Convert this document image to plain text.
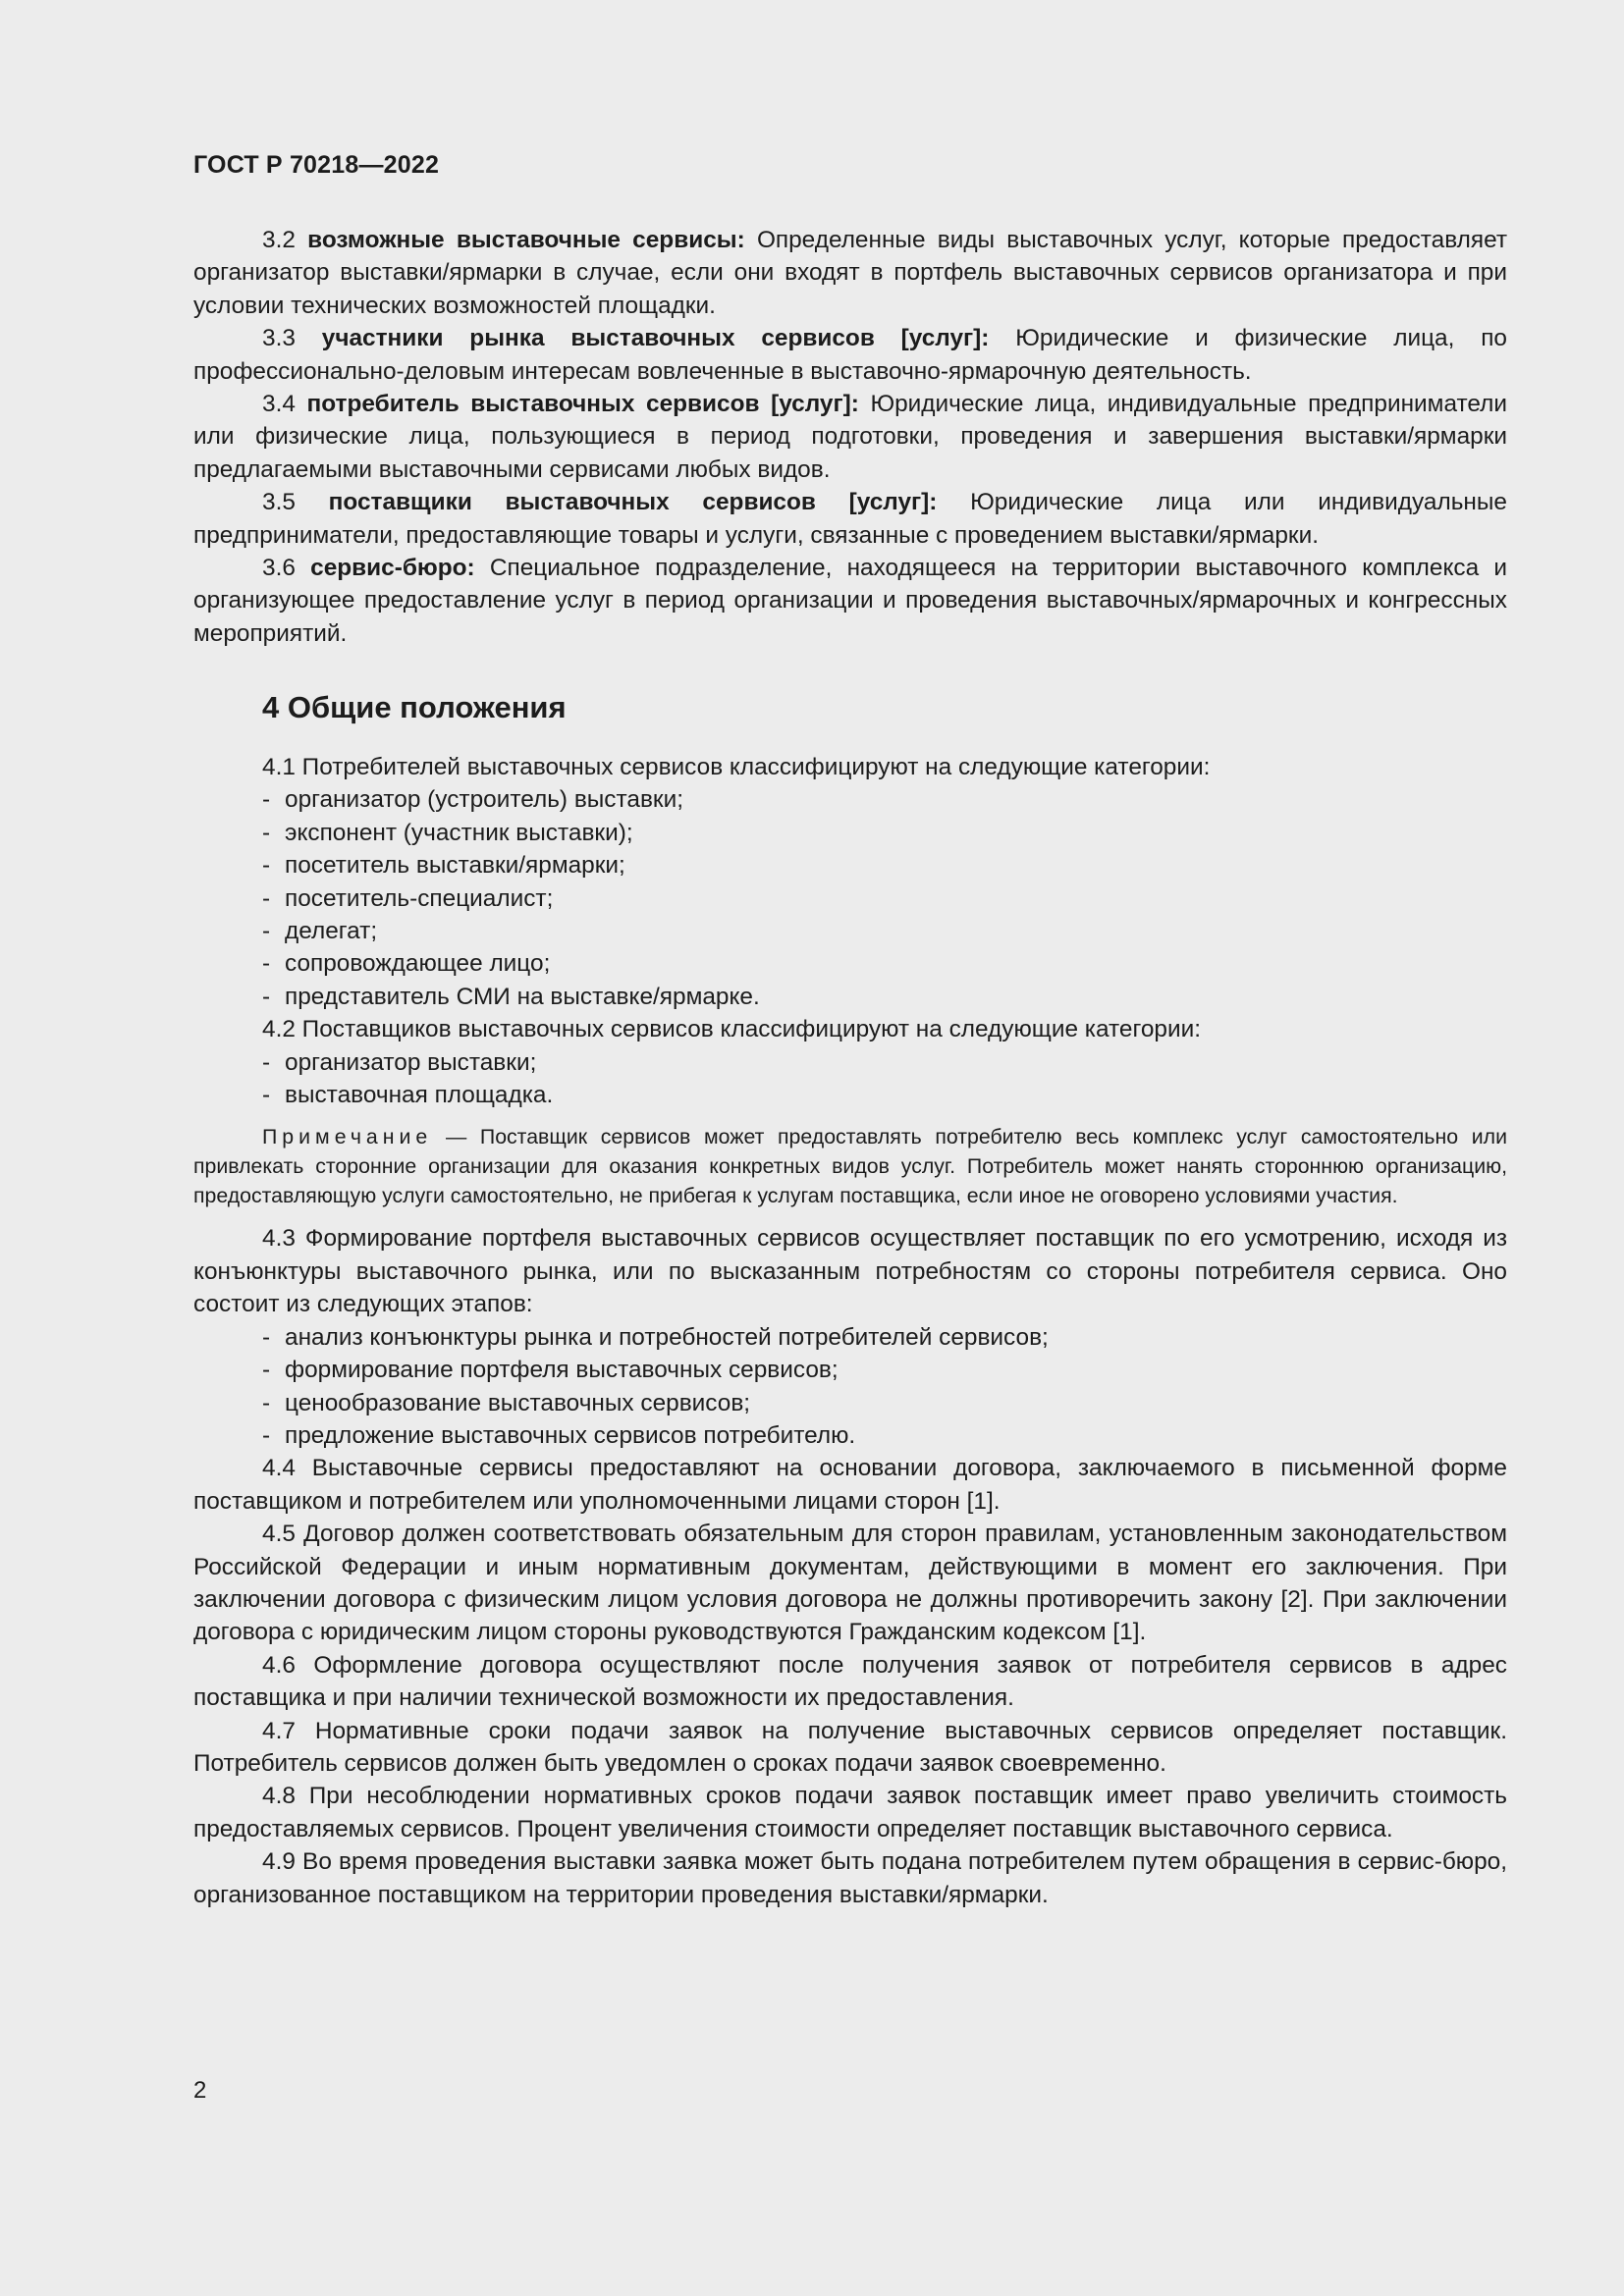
ГОСТ Р 70218—2022

3.2 возможные выставочные сервисы: Определенные виды выставочных услуг, которые предоставляет организатор выставки/ярмарки в случае, если они входят в портфель выставочных сервисов организатора и при условии технических возможностей площадки.

3.3 участники рынка выставочных сервисов [услуг]: Юридические и физические лица, по профессионально-деловым интересам вовлеченные в выставочно-ярмарочную деятельность.

3.4 потребитель выставочных сервисов [услуг]: Юридические лица, индивидуальные предприниматели или физические лица, пользующиеся в период подготовки, проведения и завершения выставки/ярмарки предлагаемыми выставочными сервисами любых видов.

3.5 поставщики выставочных сервисов [услуг]: Юридические лица или индивидуальные предприниматели, предоставляющие товары и услуги, связанные с проведением выставки/ярмарки.

3.6 сервис-бюро: Специальное подразделение, находящееся на территории выставочного комплекса и организующее предоставление услуг в период организации и проведения выставочных/ярмарочных и конгрессных мероприятий.

4 Общие положения

4.1 Потребителей выставочных сервисов классифицируют на следующие категории:

- организатор (устроитель) выставки;

- экспонент (участник выставки);

- посетитель выставки/ярмарки;

- посетитель-специалист;

- делегат;

- сопровождающее лицо;

- представитель СМИ на выставке/ярмарке.

4.2 Поставщиков выставочных сервисов классифицируют на следующие категории:

- организатор выставки;

- выставочная площадка.

Примечание — Поставщик сервисов может предоставлять потребителю весь комплекс услуг самостоятельно или привлекать сторонние организации для оказания конкретных видов услуг. Потребитель может нанять стороннюю организацию, предоставляющую услуги самостоятельно, не прибегая к услугам поставщика, если иное не оговорено условиями участия.

4.3 Формирование портфеля выставочных сервисов осуществляет поставщик по его усмотрению, исходя из конъюнктуры выставочного рынка, или по высказанным потребностям со стороны потребителя сервиса. Оно состоит из следующих этапов:

- анализ конъюнктуры рынка и потребностей потребителей сервисов;

- формирование портфеля выставочных сервисов;

- ценообразование выставочных сервисов;

- предложение выставочных сервисов потребителю.

4.4 Выставочные сервисы предоставляют на основании договора, заключаемого в письменной форме поставщиком и потребителем или уполномоченными лицами сторон [1].

4.5 Договор должен соответствовать обязательным для сторон правилам, установленным законодательством Российской Федерации и иным нормативным документам, действующими в момент его заключения. При заключении договора с физическим лицом условия договора не должны противоречить закону [2]. При заключении договора с юридическим лицом стороны руководствуются Гражданским кодексом [1].

4.6 Оформление договора осуществляют после получения заявок от потребителя сервисов в адрес поставщика и при наличии технической возможности их предоставления.

4.7 Нормативные сроки подачи заявок на получение выставочных сервисов определяет поставщик. Потребитель сервисов должен быть уведомлен о сроках подачи заявок своевременно.

4.8 При несоблюдении нормативных сроков подачи заявок поставщик имеет право увеличить стоимость предоставляемых сервисов. Процент увеличения стоимости определяет поставщик выставочного сервиса.

4.9 Во время проведения выставки заявка может быть подана потребителем путем обращения в сервис-бюро, организованное поставщиком на территории проведения выставки/ярмарки.

2
